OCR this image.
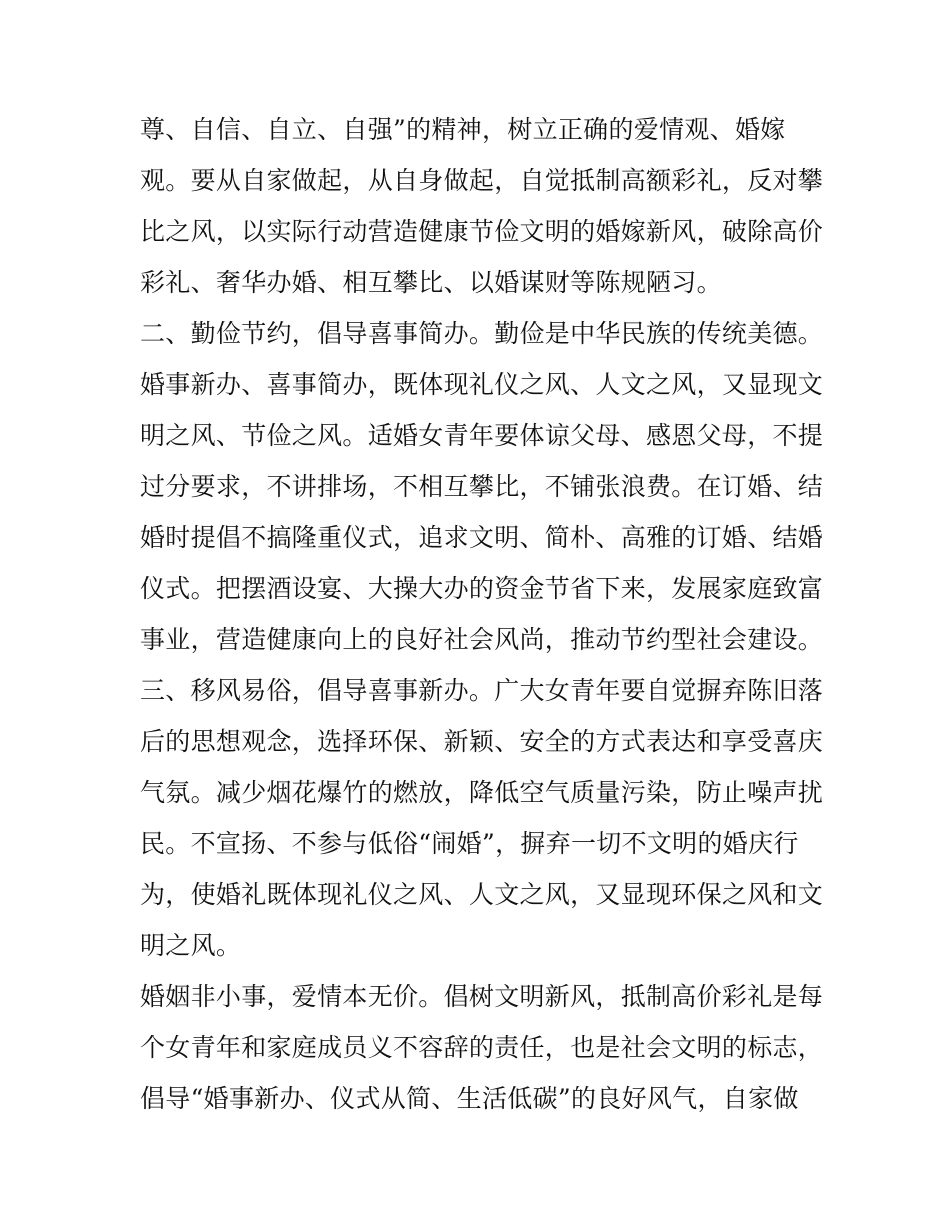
尊、自信、自立、自强”的精神，树立正确的爱情观、婚嫁
观。要从自家做起，从自身做起，自觉抵制高额彩礼，反对攀
比之风，以实际行动营造健康节俭文明的婚嫁新风，破除高价
彩礼、奢华办婚、相互攀比、以婚谋财等陈规陋习。
二、勤俭节约，倡导喜事简办。勤俭是中华民族的传统美德。
婚事新办、喜事简办，既体现礼仪之风、人文之风，又显现文
明之风、节俭之风。适婚女青年要体谅父母、感恩父母，不提
过分要求，不讲排场，不相互攀比，不铺张浪费。在订婚、结
婚时提倡不搞隆重仪式，追求文明、简朴、高雅的订婚、结婚
仪式。把摆酒设宴、大操大办的资金节省下来，发展家庭致富
事业，营造健康向上的良好社会风尚，推动节约型社会建设。
三、移风易俗，倡导喜事新办。广大女青年要自觉摒弃陈旧落
后的思想观念，选择环保、新颖、安全的方式表达和享受喜庆
气氛。减少烟花爆竹的燃放，降低空气质量污染，防止噪声扰
民。不宣扬、不参与低俗“闹婚”，摒弃一切不文明的婚庆行
为，使婚礼既体现礼仪之风、人文之风，又显现环保之风和文
明之风。
婚姻非小事，爱情本无价。倡树文明新风，抵制高价彩礼是每
个女青年和家庭成员义不容辞的责任，也是社会文明的标志，
倡导“婚事新办、仪式从简、生活低碳”的良好风气，自家做
